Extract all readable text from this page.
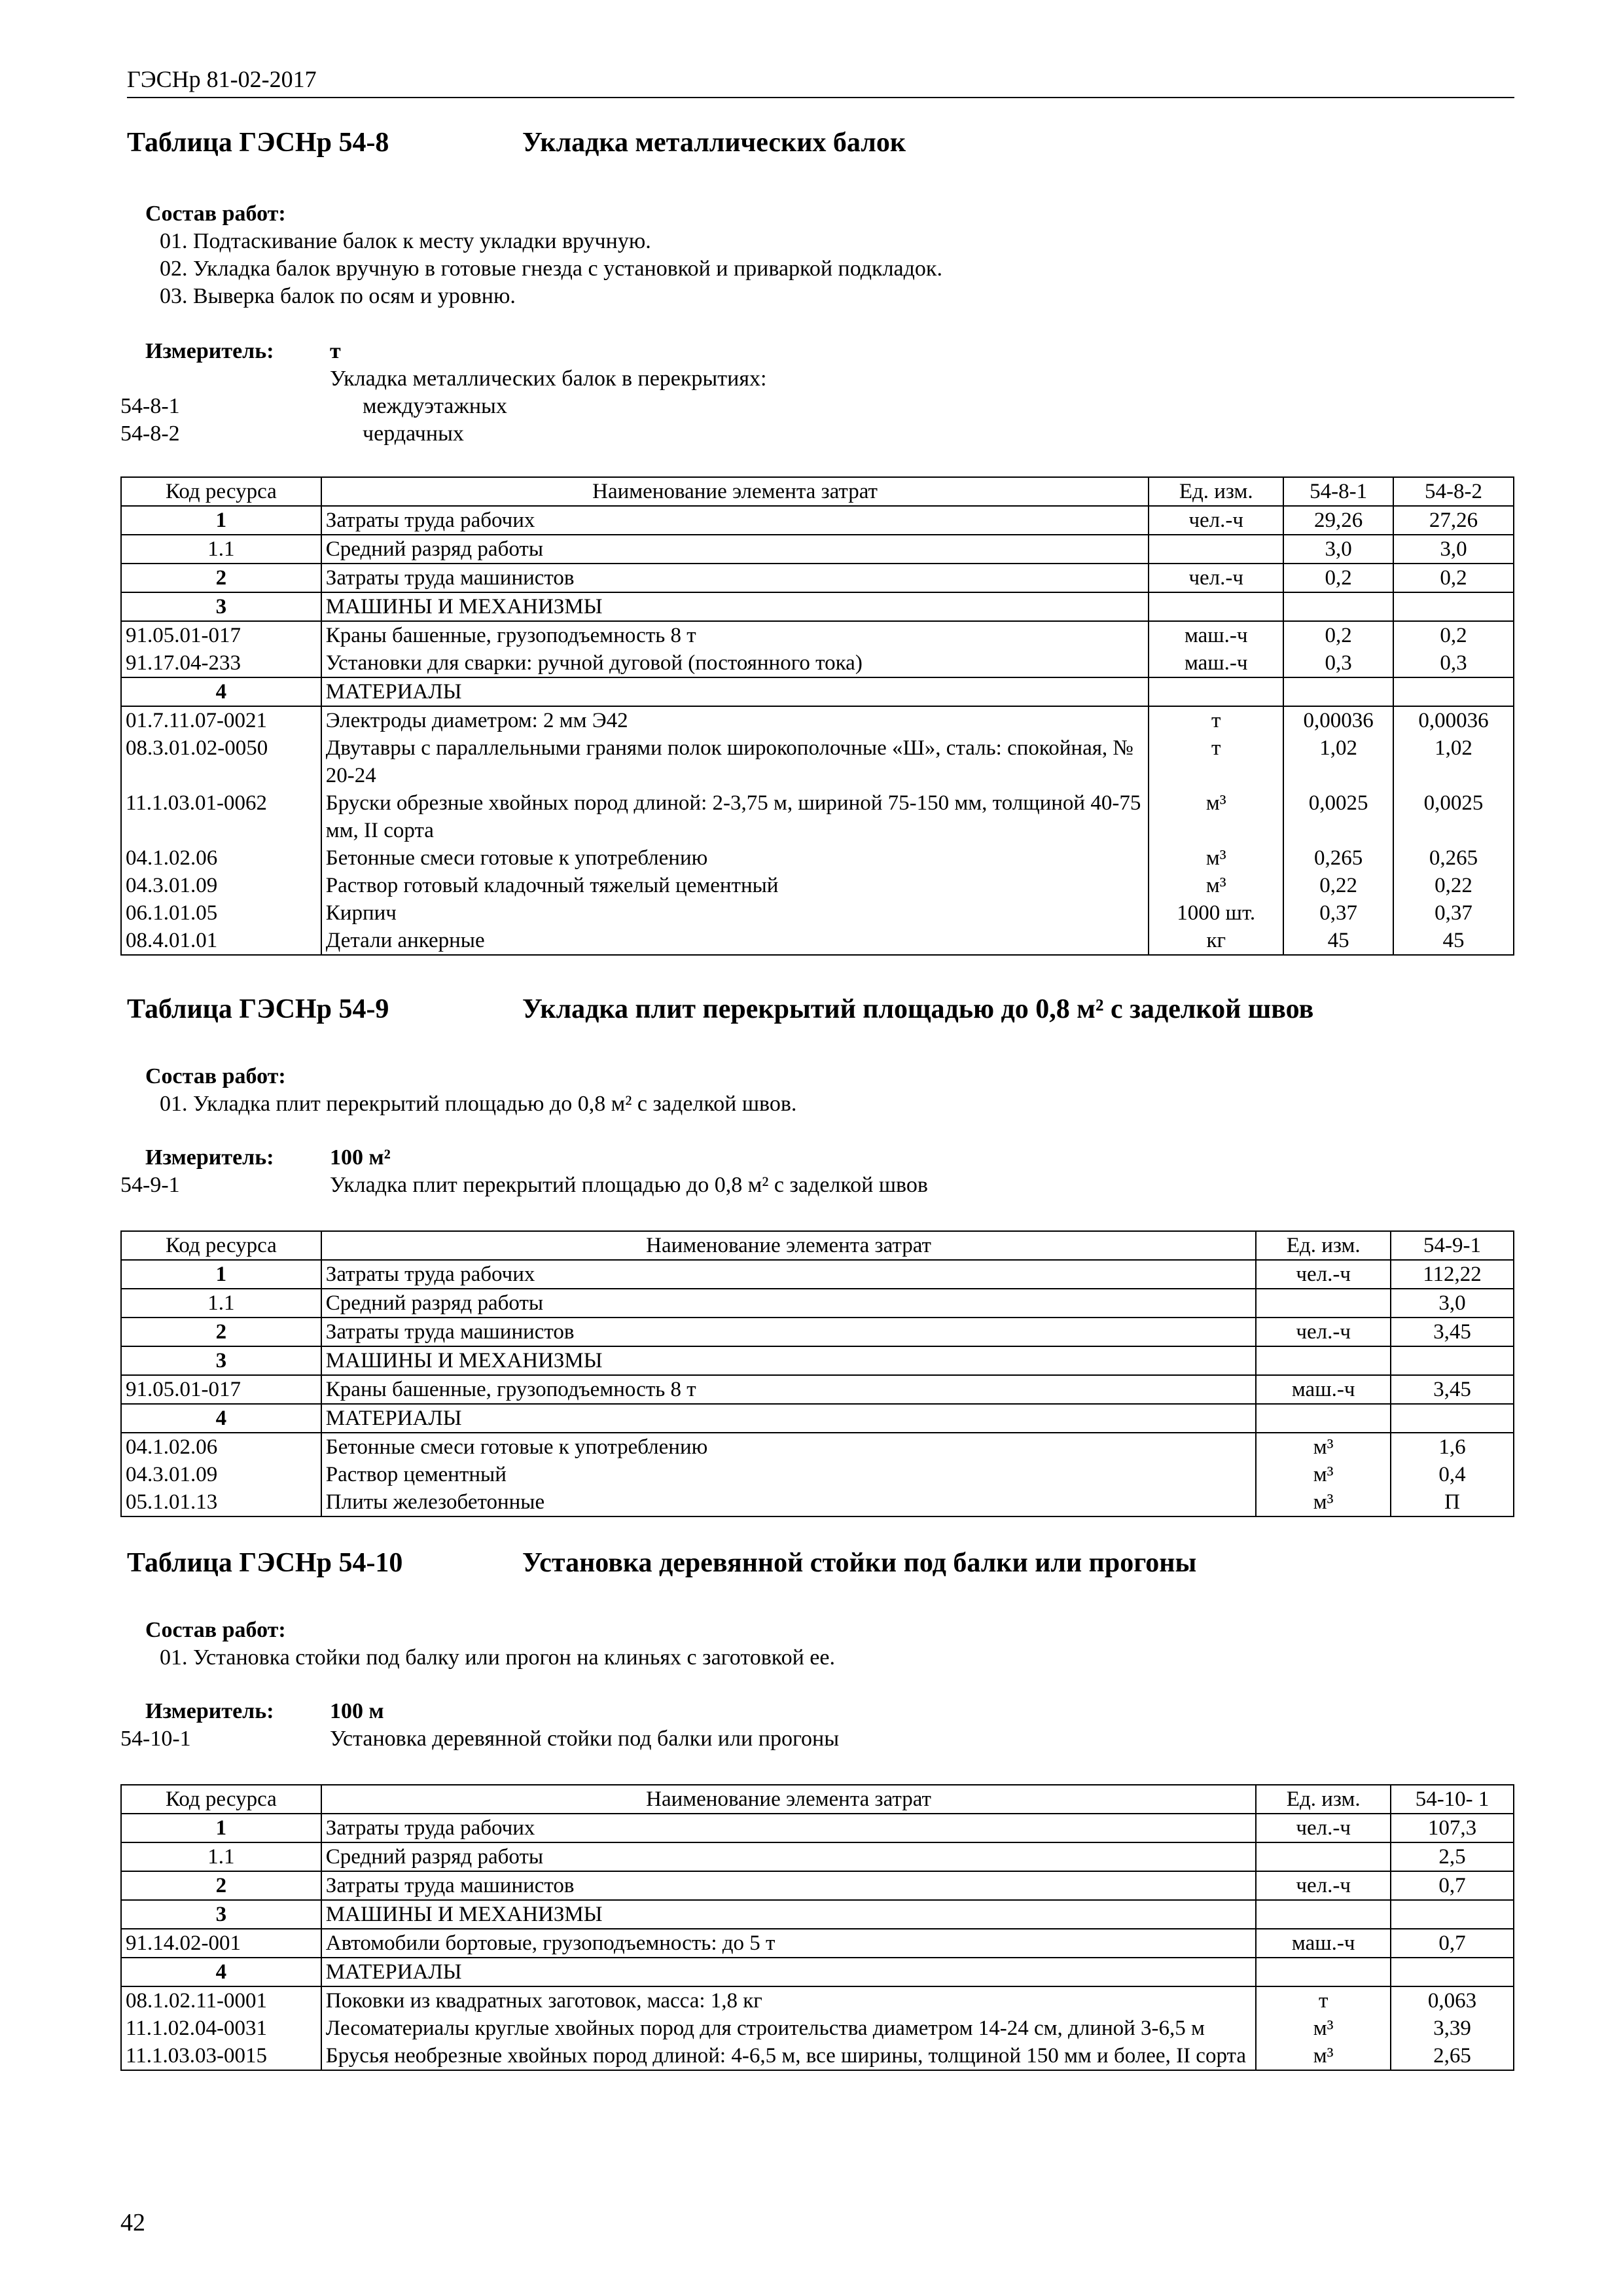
ГЭСНр 81-02-2017
Таблица ГЭСНр 54-8	Укладка металлических балок
Состав работ:
01. Подтаскивание балок к месту укладки вручную.
02. Укладка балок вручную в готовые гнезда с установкой и приваркой подкладок.
03. Выверка балок по осям и уровню.
Измеритель:	т
Укладка металлических балок в перекрытиях:
54-8-1	междуэтажных
54-8-2	чердачных
Код ресурса	Наименование элемента затрат	Ед. изм.	54-8-1	54-8-2
1	Затраты труда рабочих	чел.-ч	29,26	27,26
1.1	Средний разряд работы		3,0	3,0
2	Затраты труда машинистов	чел.-ч	0,2	0,2
3	МАШИНЫ И МЕХАНИЗМЫ			
91.05.01-017	Краны башенные, грузоподъемность 8 т	маш.-ч	0,2	0,2
91.17.04-233	Установки для сварки: ручной дуговой (постоянного тока)	маш.-ч	0,3	0,3
4	МАТЕРИАЛЫ			
01.7.11.07-0021	Электроды диаметром: 2 мм Э42	т	0,00036	0,00036
08.3.01.02-0050	Двутавры с параллельными гранями полок широкополочные «Ш», сталь: спокойная, № 20-24	т	1,02	1,02
11.1.03.01-0062	Бруски обрезные хвойных пород длиной: 2-3,75 м, шириной 75-150 мм, толщиной 40-75 мм, II сорта	м³	0,0025	0,0025
04.1.02.06	Бетонные смеси готовые к употреблению	м³	0,265	0,265
04.3.01.09	Раствор готовый кладочный тяжелый цементный	м³	0,22	0,22
06.1.01.05	Кирпич	1000 шт.	0,37	0,37
08.4.01.01	Детали анкерные	кг	45	45
Таблица ГЭСНр 54-9	Укладка плит перекрытий площадью до 0,8 м² с заделкой швов
Состав работ:
01. Укладка плит перекрытий площадью до 0,8 м² с заделкой швов.
Измеритель:	100 м²
54-9-1	Укладка плит перекрытий площадью до 0,8 м² с заделкой швов
Код ресурса	Наименование элемента затрат	Ед. изм.	54-9-1
1	Затраты труда рабочих	чел.-ч	112,22
1.1	Средний разряд работы		3,0
2	Затраты труда машинистов	чел.-ч	3,45
3	МАШИНЫ И МЕХАНИЗМЫ		
91.05.01-017	Краны башенные, грузоподъемность 8 т	маш.-ч	3,45
4	МАТЕРИАЛЫ		
04.1.02.06	Бетонные смеси готовые к употреблению	м³	1,6
04.3.01.09	Раствор цементный	м³	0,4
05.1.01.13	Плиты железобетонные	м³	П
Таблица ГЭСНр 54-10	Установка деревянной стойки под балки или прогоны
Состав работ:
01. Установка стойки под балку или прогон на клиньях с заготовкой ее.
Измеритель:	100 м
54-10-1	Установка деревянной стойки под балки или прогоны
Код ресурса	Наименование элемента затрат	Ед. изм.	54-10- 1
1	Затраты труда рабочих	чел.-ч	107,3
1.1	Средний разряд работы		2,5
2	Затраты труда машинистов	чел.-ч	0,7
3	МАШИНЫ И МЕХАНИЗМЫ		
91.14.02-001	Автомобили бортовые, грузоподъемность: до 5 т	маш.-ч	0,7
4	МАТЕРИАЛЫ		
08.1.02.11-0001	Поковки из квадратных заготовок, масса: 1,8 кг	т	0,063
11.1.02.04-0031	Лесоматериалы круглые хвойных пород для строительства диаметром 14-24 см, длиной 3-6,5 м	м³	3,39
11.1.03.03-0015	Брусья необрезные хвойных пород длиной: 4-6,5 м, все ширины, толщиной 150 мм и более, II сорта	м³	2,65
42
